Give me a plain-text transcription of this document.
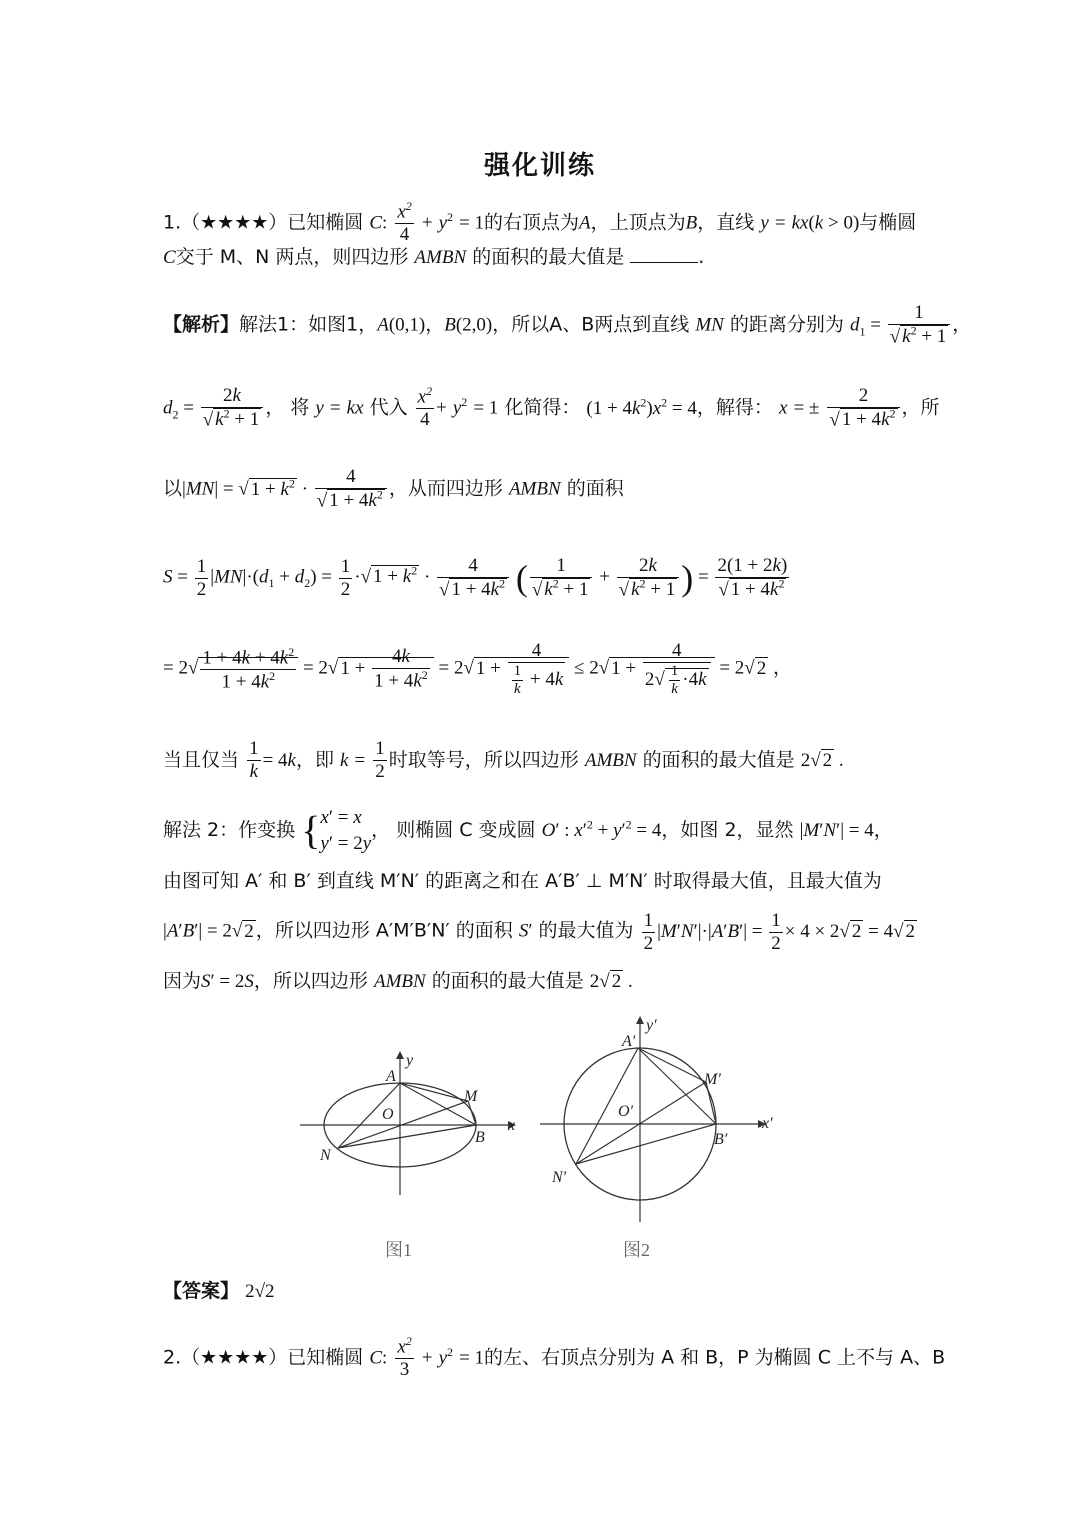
强化训练
1.（★★★★）已知椭圆 C: $\frac{x^2}{4} + y^2 = 1$的右顶点为A，上顶点为B，直线 y = kx(k > 0)与椭圆
C交于 M、N 两点，则四边形 AMBN 的面积的最大值是	.
【解析】解法1：如图1，A(0,1)，B(2,0)，所以A、B两点到直线 MN 的距离分别为 $d_1 = \frac{1}{√ k^2 + 1}$ ，
$d_2 = \frac{2k}{√ k^2 + 1}$ ， 将 y = kx 代入 $\frac{x^2}{4} + y^2 = 1$ 化简得： $(1 + 4k^2)x^2 = 4$，解得： x = ± $\frac{2}{√ 1 + 4k^2}$ ，所
以|MN| = √ $1 + k^2 \cdot \frac{4}{√ 1 + 4k^2}$ ，从而四边形 AMBN 的面积
$S = \frac{1}{2} |MN|\cdot(d_1 + d_2) = \frac{1}{2}$ ·√ $1 + k^2 \cdot \frac{4}{√ 1 + 4k^2}$ ( $\frac{1}{√ k^2 + 1} + \frac{2k}{√ k^2 + 1}$ ) = $\frac{2(1 + 2k)}{√ 1 + 4k^2}$
= $2√ \frac{1 + 4k + 4k^2}{1 + 4k^2} = 2√$ $1 + \frac{4k}{1 + 4k^2} = 2√$ $1 + \frac{4}{\frac{1}{k} + 4k} \le 2√$ $1 + \frac{4}{2√ \frac{1}{k} \cdot 4k} = 2√$ 2 ，
当且仅当 $\frac{1}{k} = 4k$，即 $k = \frac{1}{2}$ 时取等号，所以四边形 AMBN 的面积的最大值是 2√ 2 .
解法 2：作变换 {x′ = x
y′ = 2y， 则椭圆 C 变成圆 O′ : $x'^2 + y'^2 = 4$，如图 2，显然 |M′N′| = 4，
由图可知 A′ 和 B′ 到直线 M′N′ 的距离之和在 A′B′ ⊥ M′N′ 时取得最大值，且最大值为
|A′B′| = 2√ 2 ，所以四边形 A′M′B′N′ 的面积 S′ 的最大值为 $\frac{1}{2} |M'N'|\cdot|A'B'| = \frac{1}{2} \times 4 \times 2√$ 2 = 4√ 2
因为S′ = 2S，所以四边形 AMBN 的面积的最大值是 2√ 2 .
y
A
O
M
B
x
N
图1
y′
A′
O′
M′
B′
x′
N′
图2
【答案】 2√2
2.（★★★★）已知椭圆 C: $\frac{x^2}{3} + y^2 = 1$的左、右顶点分别为 A 和 B，P 为椭圆 C 上不与 A、B
